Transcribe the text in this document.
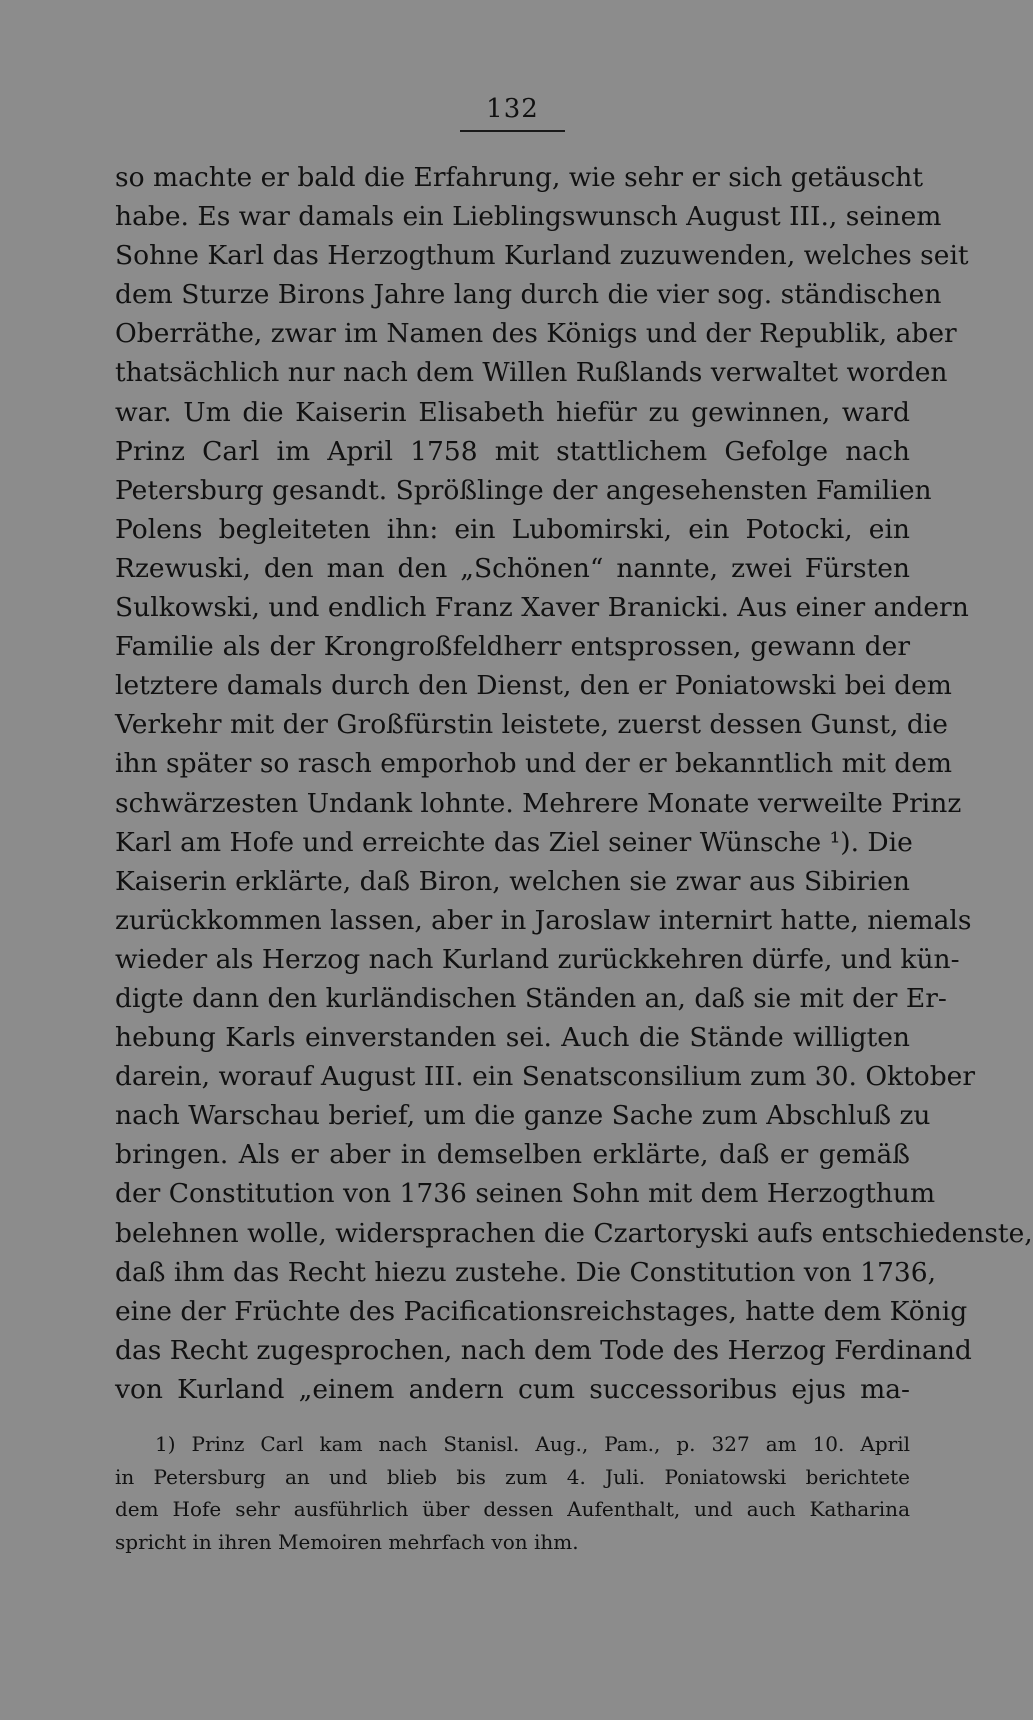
132
so machte er bald die Erfahrung, wie sehr er sich getäuscht
habe. Es war damals ein Lieblingswunsch August III., seinem
Sohne Karl das Herzogthum Kurland zuzuwenden, welches seit
dem Sturze Birons Jahre lang durch die vier sog. ständischen
Oberräthe, zwar im Namen des Königs und der Republik, aber
thatsächlich nur nach dem Willen Rußlands verwaltet worden
war. Um die Kaiserin Elisabeth hiefür zu gewinnen, ward
Prinz Carl im April 1758 mit stattlichem Gefolge nach
Petersburg gesandt. Sprößlinge der angesehensten Familien
Polens begleiteten ihn: ein Lubomirski, ein Potocki, ein
Rzewuski, den man den „Schönen“ nannte, zwei Fürsten
Sulkowski, und endlich Franz Xaver Branicki. Aus einer andern
Familie als der Krongroßfeldherr entsprossen, gewann der
letztere damals durch den Dienst, den er Poniatowski bei dem
Verkehr mit der Großfürstin leistete, zuerst dessen Gunst, die
ihn später so rasch emporhob und der er bekanntlich mit dem
schwärzesten Undank lohnte. Mehrere Monate verweilte Prinz
Karl am Hofe und erreichte das Ziel seiner Wünsche ¹). Die
Kaiserin erklärte, daß Biron, welchen sie zwar aus Sibirien
zurückkommen lassen, aber in Jaroslaw internirt hatte, niemals
wieder als Herzog nach Kurland zurückkehren dürfe, und kün-
digte dann den kurländischen Ständen an, daß sie mit der Er-
hebung Karls einverstanden sei. Auch die Stände willigten
darein, worauf August III. ein Senatsconsilium zum 30. Oktober
nach Warschau berief, um die ganze Sache zum Abschluß zu
bringen. Als er aber in demselben erklärte, daß er gemäß
der Constitution von 1736 seinen Sohn mit dem Herzogthum
belehnen wolle, widersprachen die Czartoryski aufs entschiedenste,
daß ihm das Recht hiezu zustehe. Die Constitution von 1736,
eine der Früchte des Pacificationsreichstages, hatte dem König
das Recht zugesprochen, nach dem Tode des Herzog Ferdinand
von Kurland „einem andern cum successoribus ejus ma-
1) Prinz Carl kam nach Stanisl. Aug., Pam., p. 327 am 10. April
in Petersburg an und blieb bis zum 4. Juli. Poniatowski berichtete
dem Hofe sehr ausführlich über dessen Aufenthalt, und auch Katharina
spricht in ihren Memoiren mehrfach von ihm.
